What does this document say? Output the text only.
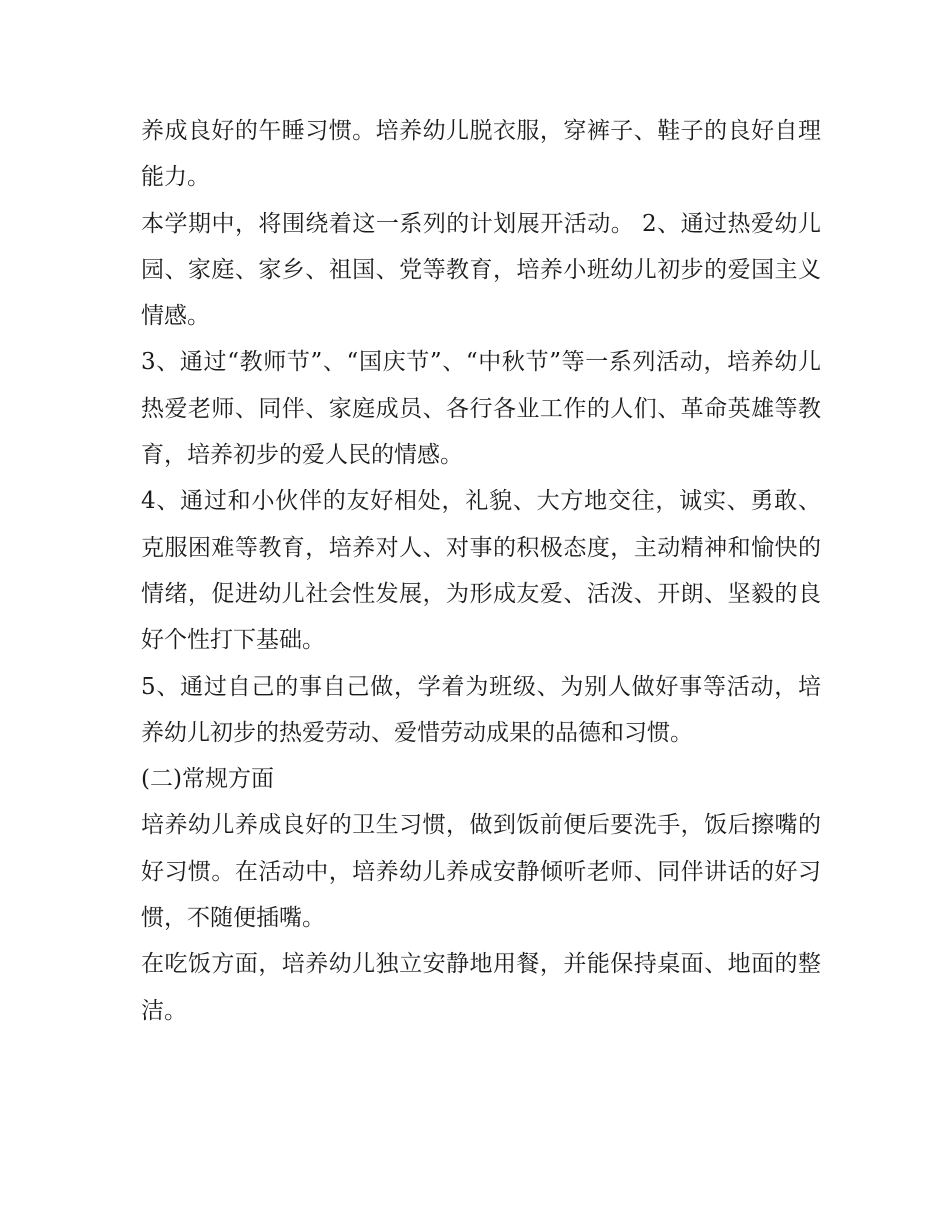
养成良好的午睡习惯。培养幼儿脱衣服，穿裤子、鞋子的良好自理能力。

本学期中，将围绕着这一系列的计划展开活动。 2、通过热爱幼儿园、家庭、家乡、祖国、党等教育，培养小班幼儿初步的爱国主义情感。

3、通过“教师节”、“国庆节”、“中秋节”等一系列活动，培养幼儿热爱老师、同伴、家庭成员、各行各业工作的人们、革命英雄等教育，培养初步的爱人民的情感。

4、通过和小伙伴的友好相处，礼貌、大方地交往，诚实、勇敢、克服困难等教育，培养对人、对事的积极态度，主动精神和愉快的情绪，促进幼儿社会性发展，为形成友爱、活泼、开朗、坚毅的良好个性打下基础。

5、通过自己的事自己做，学着为班级、为别人做好事等活动，培养幼儿初步的热爱劳动、爱惜劳动成果的品德和习惯。

(二)常规方面

培养幼儿养成良好的卫生习惯，做到饭前便后要洗手，饭后擦嘴的好习惯。在活动中，培养幼儿养成安静倾听老师、同伴讲话的好习惯，不随便插嘴。

在吃饭方面，培养幼儿独立安静地用餐，并能保持桌面、地面的整洁。
